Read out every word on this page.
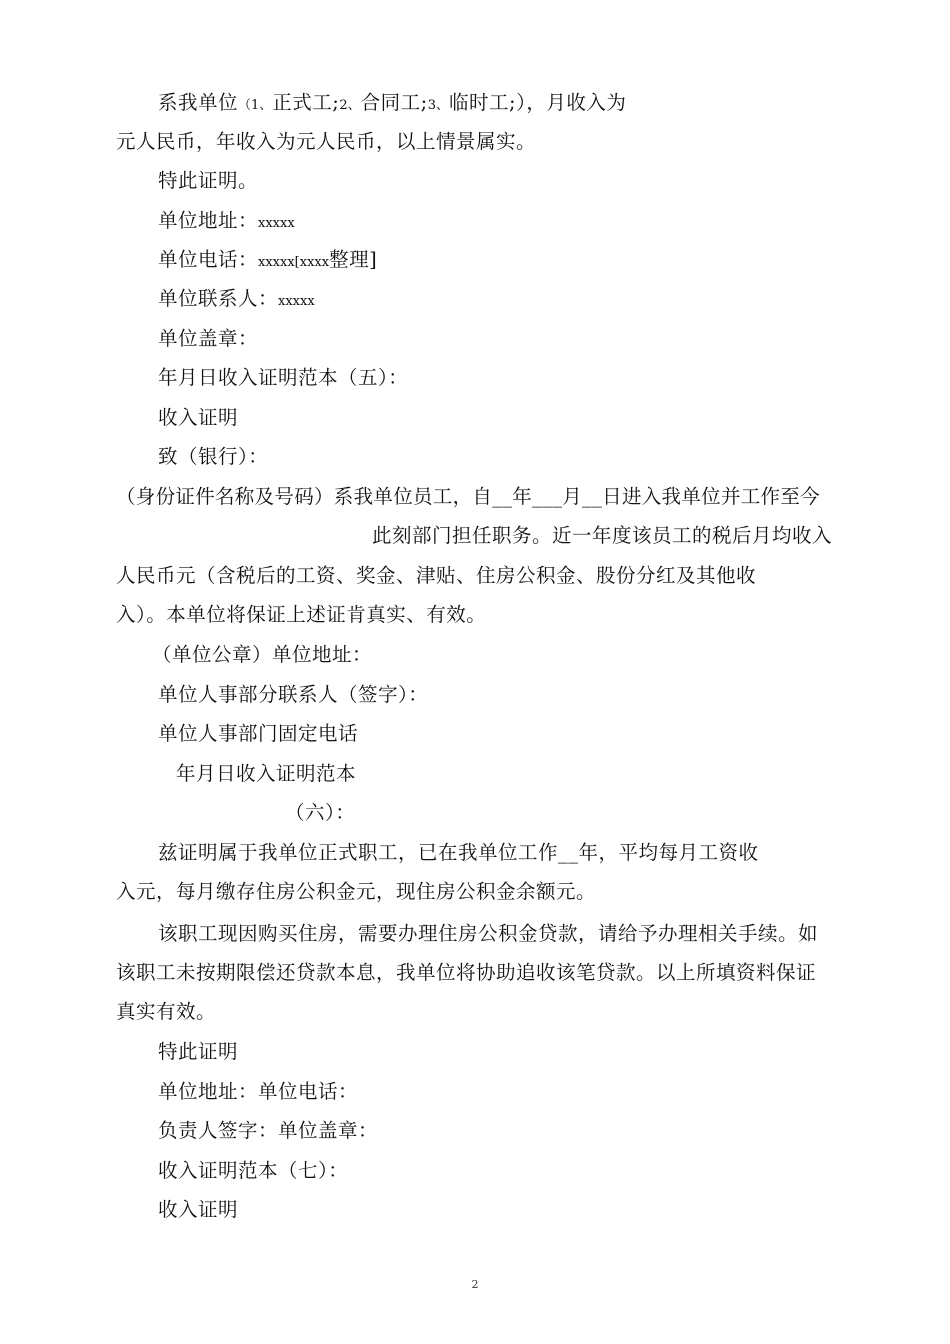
系我单位（1、正式工;2、合同工;3、临时工;），月收入为
元人民币，年收入为元人民币，以上情景属实。
特此证明。
单位地址：xxxxx
单位电话：xxxxx[xxxx整理]
单位联系人：xxxxx
单位盖章：
年月日收入证明范本（五）：
收入证明
致（银行）：
（身份证件名称及号码）系我单位员工，自__年___月__日进入我单位并工作至今
此刻部门担任职务。近一年度该员工的税后月均收入
人民币元（含税后的工资、奖金、津贴、住房公积金、股份分红及其他收
入）。本单位将保证上述证肯真实、有效。
（单位公章）单位地址：
单位人事部分联系人（签字）：
单位人事部门固定电话
年月日收入证明范本
（六）：
兹证明属于我单位正式职工，已在我单位工作__年，平均每月工资收
入元，每月缴存住房公积金元，现住房公积金余额元。
该职工现因购买住房，需要办理住房公积金贷款，请给予办理相关手续。如
该职工未按期限偿还贷款本息，我单位将协助追收该笔贷款。以上所填资料保证
真实有效。
特此证明
单位地址：单位电话：
负责人签字：单位盖章：
收入证明范本（七）：
收入证明
2
